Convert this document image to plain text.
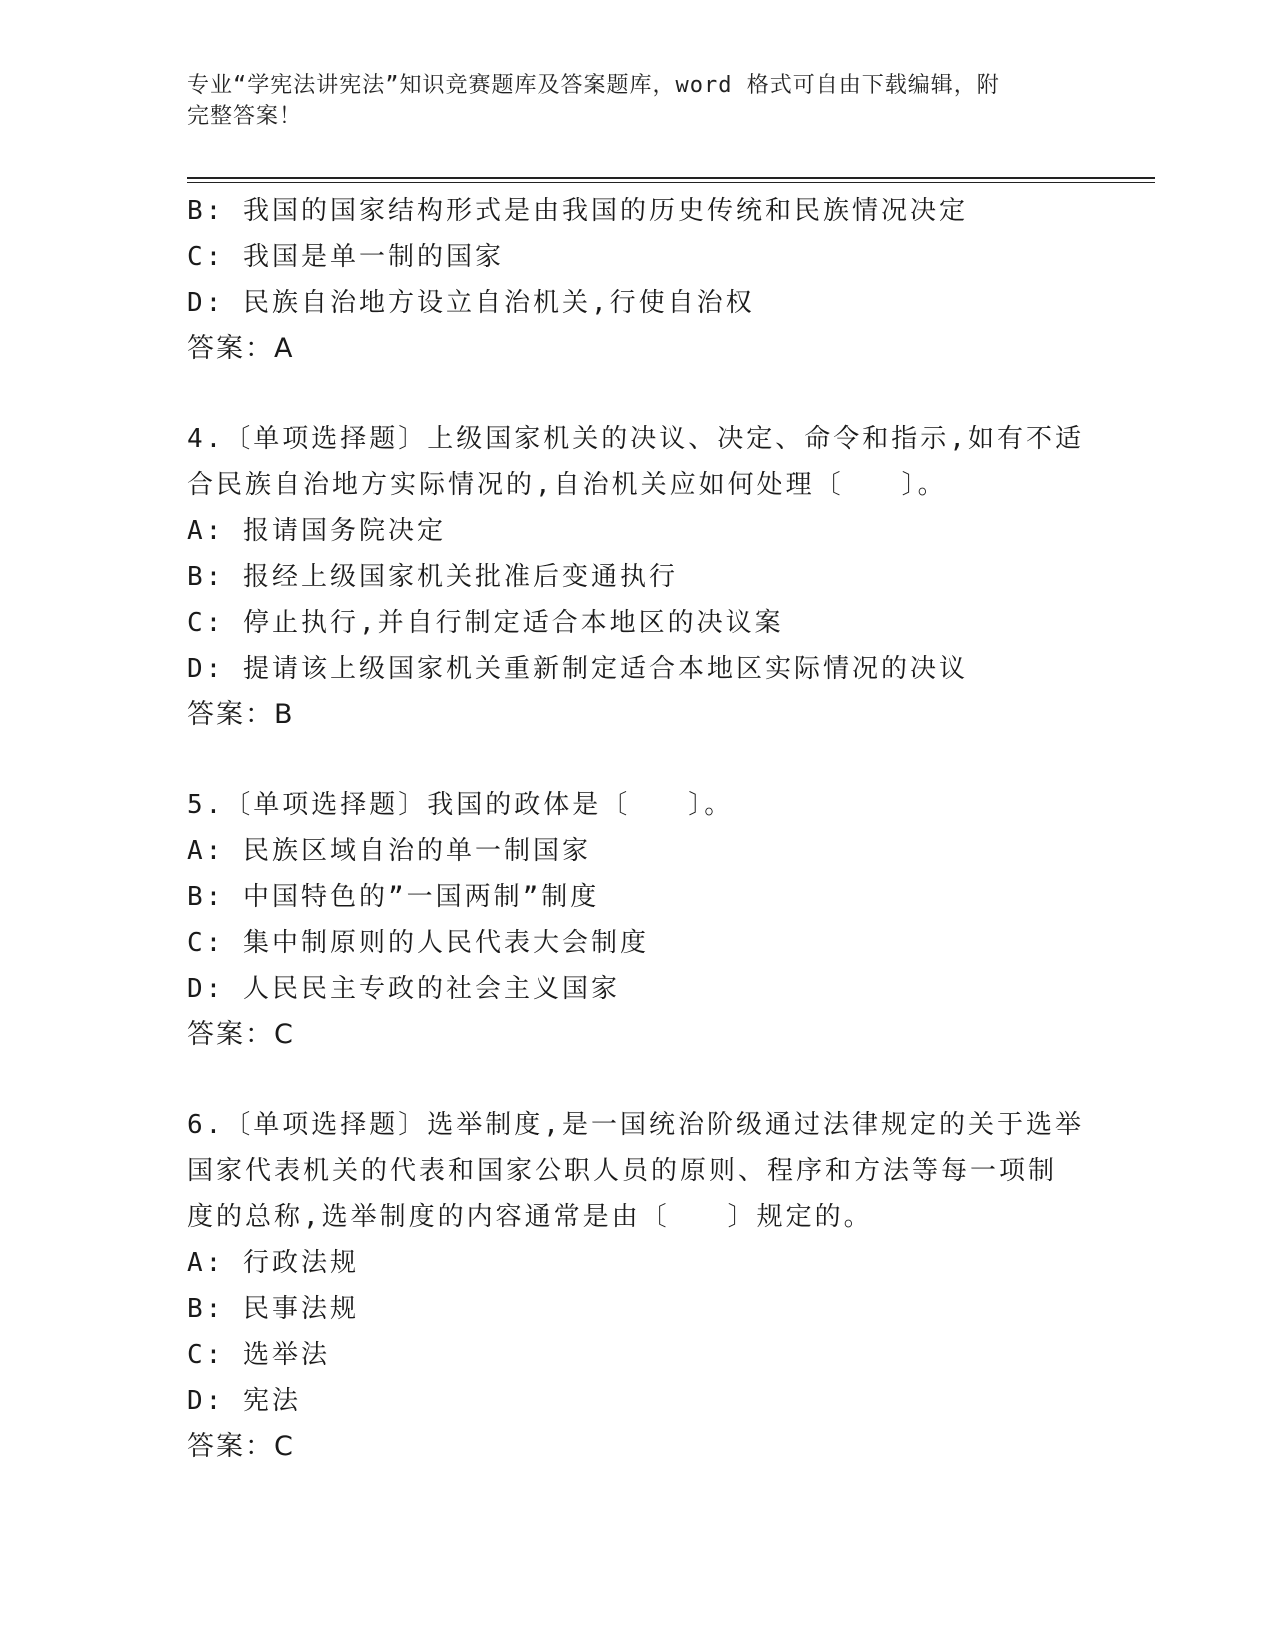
专业“学宪法讲宪法”知识竞赛题库及答案题库，word 格式可自由下载编辑，附
完整答案！
B: 我国的国家结构形式是由我国的历史传统和民族情况决定
C: 我国是单一制的国家
D: 民族自治地方设立自治机关,行使自治权
答案：A
4.〔单项选择题〕上级国家机关的决议、决定、命令和指示,如有不适
合民族自治地方实际情况的,自治机关应如何处理〔　　〕。
A: 报请国务院决定
B: 报经上级国家机关批准后变通执行
C: 停止执行,并自行制定适合本地区的决议案
D: 提请该上级国家机关重新制定适合本地区实际情况的决议
答案：B
5.〔单项选择题〕我国的政体是〔　　〕。
A: 民族区域自治的单一制国家
B: 中国特色的”一国两制”制度
C: 集中制原则的人民代表大会制度
D: 人民民主专政的社会主义国家
答案：C
6.〔单项选择题〕选举制度,是一国统治阶级通过法律规定的关于选举
国家代表机关的代表和国家公职人员的原则、程序和方法等每一项制
度的总称,选举制度的内容通常是由〔　　〕规定的。
A: 行政法规
B: 民事法规
C: 选举法
D: 宪法
答案：C
